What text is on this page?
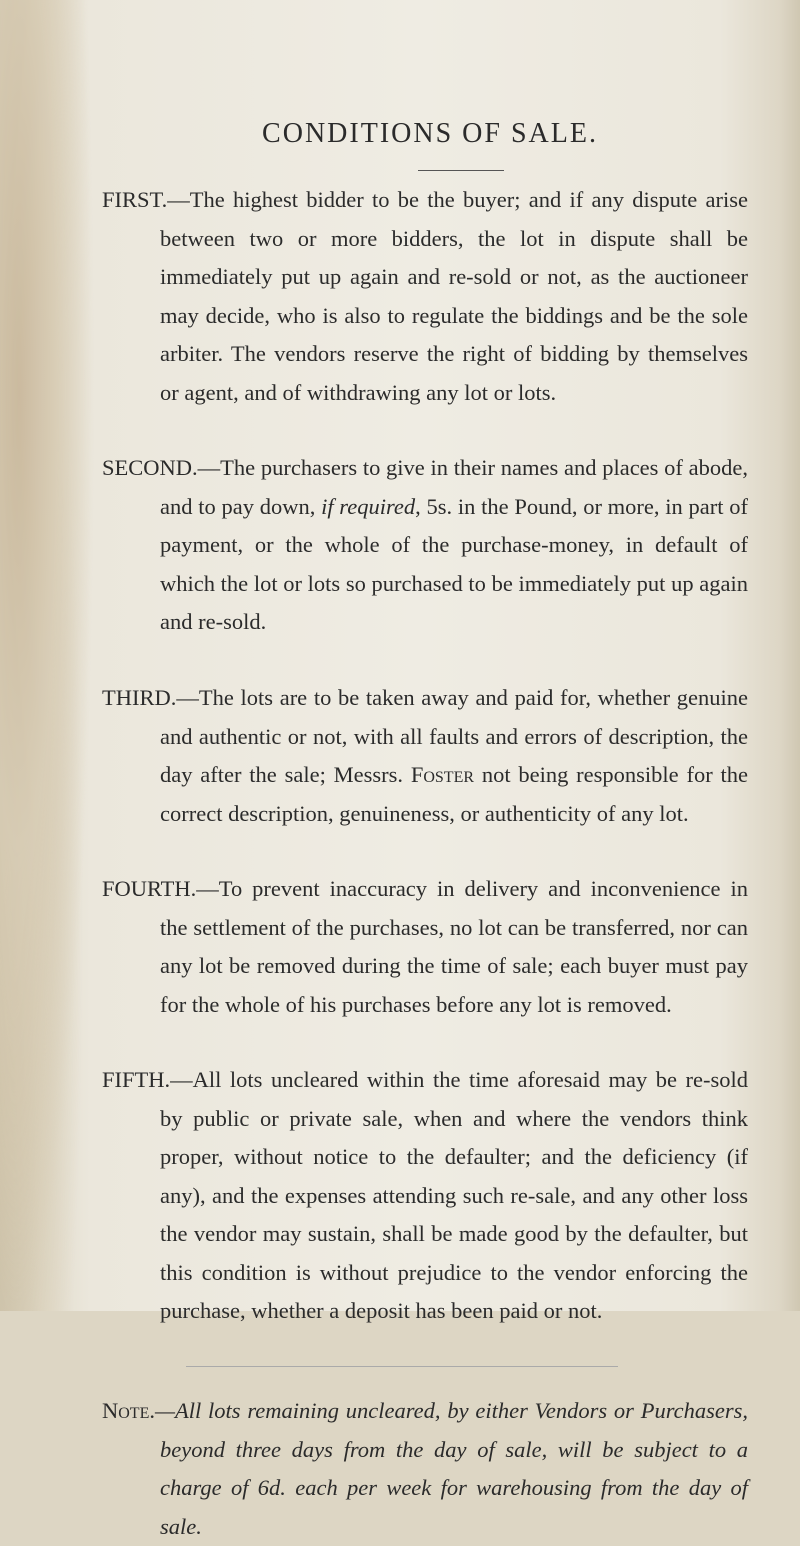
CONDITIONS OF SALE.

FIRST.—The highest bidder to be the buyer; and if any dispute arise between two or more bidders, the lot in dispute shall be immediately put up again and re-sold or not, as the auctioneer may decide, who is also to regulate the biddings and be the sole arbiter. The vendors reserve the right of bidding by themselves or agent, and of withdrawing any lot or lots.

SECOND.—The purchasers to give in their names and places of abode, and to pay down, if required, 5s. in the Pound, or more, in part of payment, or the whole of the purchase-money, in default of which the lot or lots so purchased to be immediately put up again and re-sold.

THIRD.—The lots are to be taken away and paid for, whether genuine and authentic or not, with all faults and errors of description, the day after the sale; Messrs. Foster not being responsible for the correct description, genuineness, or authenticity of any lot.

FOURTH.—To prevent inaccuracy in delivery and inconvenience in the settlement of the purchases, no lot can be transferred, nor can any lot be removed during the time of sale; each buyer must pay for the whole of his purchases before any lot is removed.

FIFTH.—All lots uncleared within the time aforesaid may be re-sold by public or private sale, when and where the vendors think proper, without notice to the defaulter; and the deficiency (if any), and the expenses attending such re-sale, and any other loss the vendor may sustain, shall be made good by the defaulter, but this condition is without prejudice to the vendor enforcing the purchase, whether a deposit has been paid or not.

Note.—All lots remaining uncleared, by either Vendors or Purchasers, beyond three days from the day of sale, will be subject to a charge of 6d. each per week for warehousing from the day of sale.
